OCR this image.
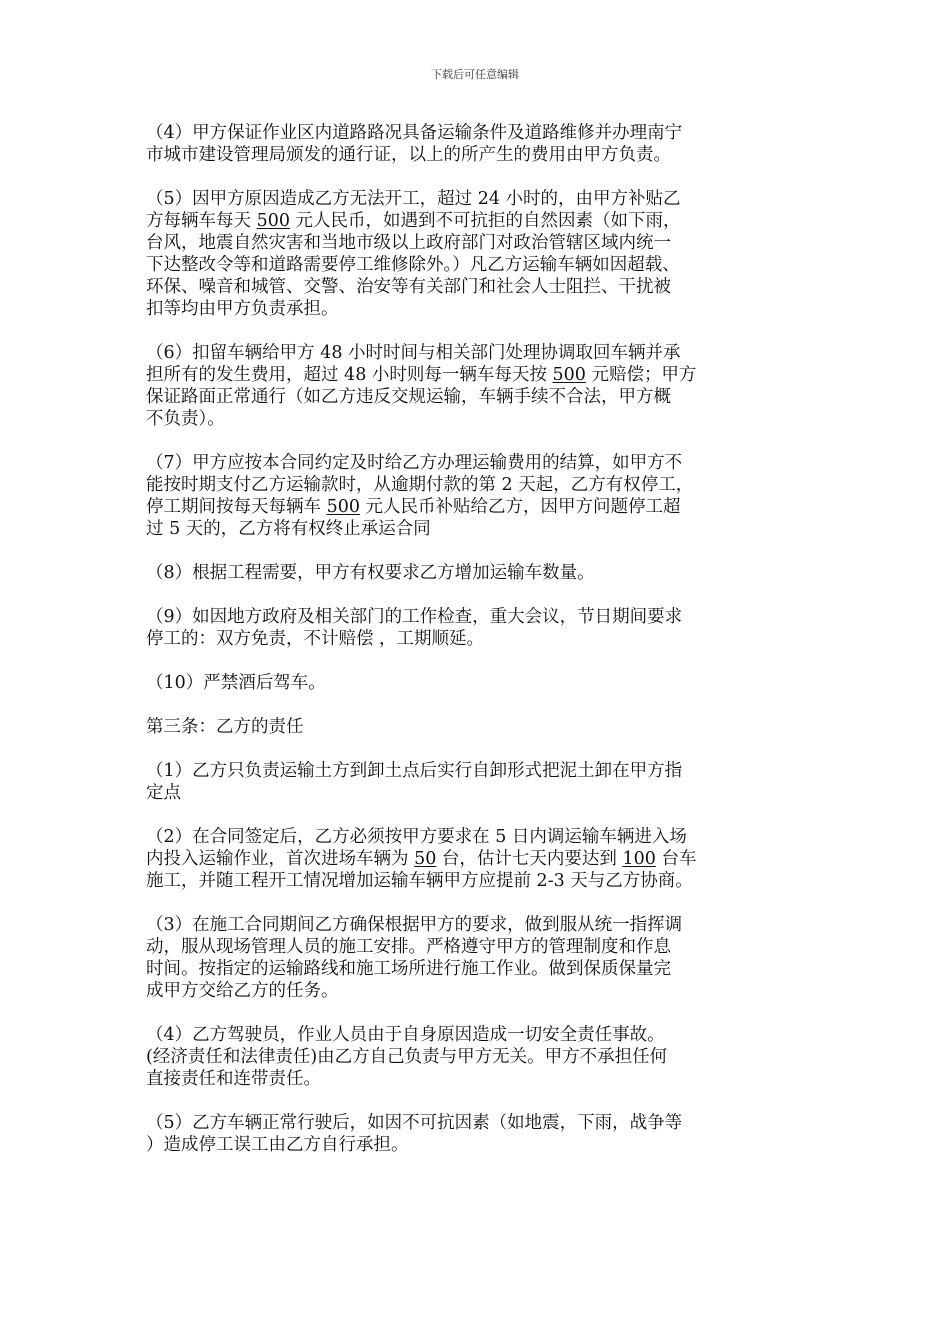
下载后可任意编辑

（4）甲方保证作业区内道路路况具备运输条件及道路维修并办理南宁
市城市建设管理局颁发的通行证，以上的所产生的费用由甲方负责。

（5）因甲方原因造成乙方无法开工，超过 24 小时的，由甲方补贴乙
方每辆车每天 500 元人民币，如遇到不可抗拒的自然因素（如下雨，
台风，地震自然灾害和当地市级以上政府部门对政治管辖区域内统一
下达整改令等和道路需要停工维修除外。）凡乙方运输车辆如因超载、
环保、噪音和城管、交警、治安等有关部门和社会人士阻拦、干扰被
扣等均由甲方负责承担。

（6）扣留车辆给甲方 48 小时时间与相关部门处理协调取回车辆并承
担所有的发生费用，超过 48 小时则每一辆车每天按 500 元赔偿；甲方
保证路面正常通行（如乙方违反交规运输，车辆手续不合法，甲方概
不负责）。

（7）甲方应按本合同约定及时给乙方办理运输费用的结算，如甲方不
能按时期支付乙方运输款时，从逾期付款的第 2 天起，乙方有权停工，
停工期间按每天每辆车 500 元人民币补贴给乙方，因甲方问题停工超
过 5 天的，乙方将有权终止承运合同

（8）根据工程需要，甲方有权要求乙方增加运输车数量。

（9）如因地方政府及相关部门的工作检查，重大会议，节日期间要求
停工的：双方免责，不计赔偿 ，工期顺延。

（10）严禁酒后驾车。

第三条：乙方的责任

（1）乙方只负责运输土方到卸土点后实行自卸形式把泥土卸在甲方指
定点

（2）在合同签定后，乙方必须按甲方要求在 5 日内调运输车辆进入场
内投入运输作业，首次进场车辆为 50 台，估计七天内要达到 100 台车
施工，并随工程开工情况增加运输车辆甲方应提前 2-3 天与乙方协商。

（3）在施工合同期间乙方确保根据甲方的要求，做到服从统一指挥调
动，服从现场管理人员的施工安排。严格遵守甲方的管理制度和作息
时间。按指定的运输路线和施工场所进行施工作业。做到保质保量完
成甲方交给乙方的任务。

（4）乙方驾驶员，作业人员由于自身原因造成一切安全责任事故。
(经济责任和法律责任)由乙方自己负责与甲方无关。甲方不承担任何
直接责任和连带责任。

（5）乙方车辆正常行驶后，如因不可抗因素（如地震，下雨，战争等
）造成停工误工由乙方自行承担。
